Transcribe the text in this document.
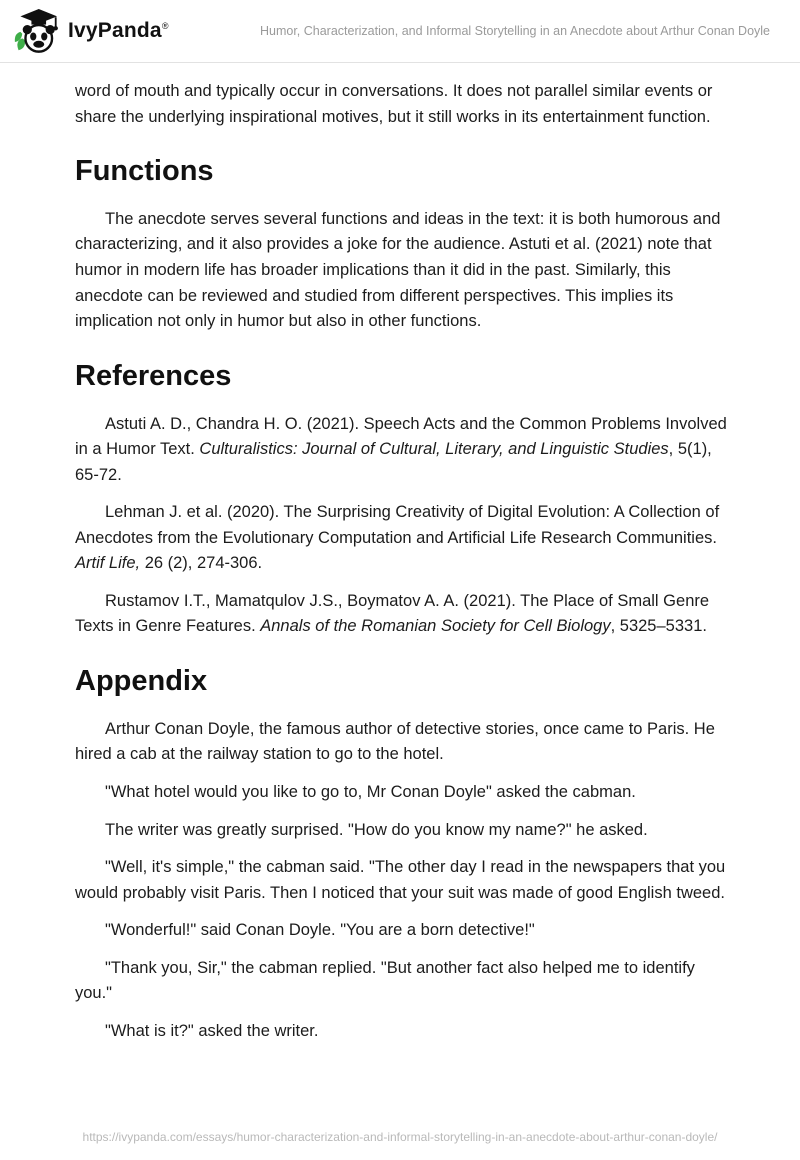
IvyPanda®	Humor, Characterization, and Informal Storytelling in an Anecdote about Arthur Conan Doyle

word of mouth and typically occur in conversations. It does not parallel similar events or share the underlying inspirational motives, but it still works in its entertainment function.

Functions

The anecdote serves several functions and ideas in the text: it is both humorous and characterizing, and it also provides a joke for the audience. Astuti et al. (2021) note that humor in modern life has broader implications than it did in the past. Similarly, this anecdote can be reviewed and studied from different perspectives. This implies its implication not only in humor but also in other functions.

References

Astuti A. D., Chandra H. O. (2021). Speech Acts and the Common Problems Involved in a Humor Text. Culturalistics: Journal of Cultural, Literary, and Linguistic Studies, 5(1), 65-72.

Lehman J. et al. (2020). The Surprising Creativity of Digital Evolution: A Collection of Anecdotes from the Evolutionary Computation and Artificial Life Research Communities. Artif Life, 26 (2), 274-306.

Rustamov I.T., Mamatqulov J.S., Boymatov A. A. (2021). The Place of Small Genre Texts in Genre Features. Annals of the Romanian Society for Cell Biology, 5325–5331.

Appendix

Arthur Conan Doyle, the famous author of detective stories, once came to Paris. He hired a cab at the railway station to go to the hotel.

"What hotel would you like to go to, Mr Conan Doyle" asked the cabman.

The writer was greatly surprised. "How do you know my name?" he asked.

"Well, it's simple," the cabman said. "The other day I read in the newspapers that you would probably visit Paris. Then I noticed that your suit was made of good English tweed.

"Wonderful!" said Conan Doyle. "You are a born detective!"

"Thank you, Sir," the cabman replied. "But another fact also helped me to identify you."

"What is it?" asked the writer.

https://ivypanda.com/essays/humor-characterization-and-informal-storytelling-in-an-anecdote-about-arthur-conan-doyle/
